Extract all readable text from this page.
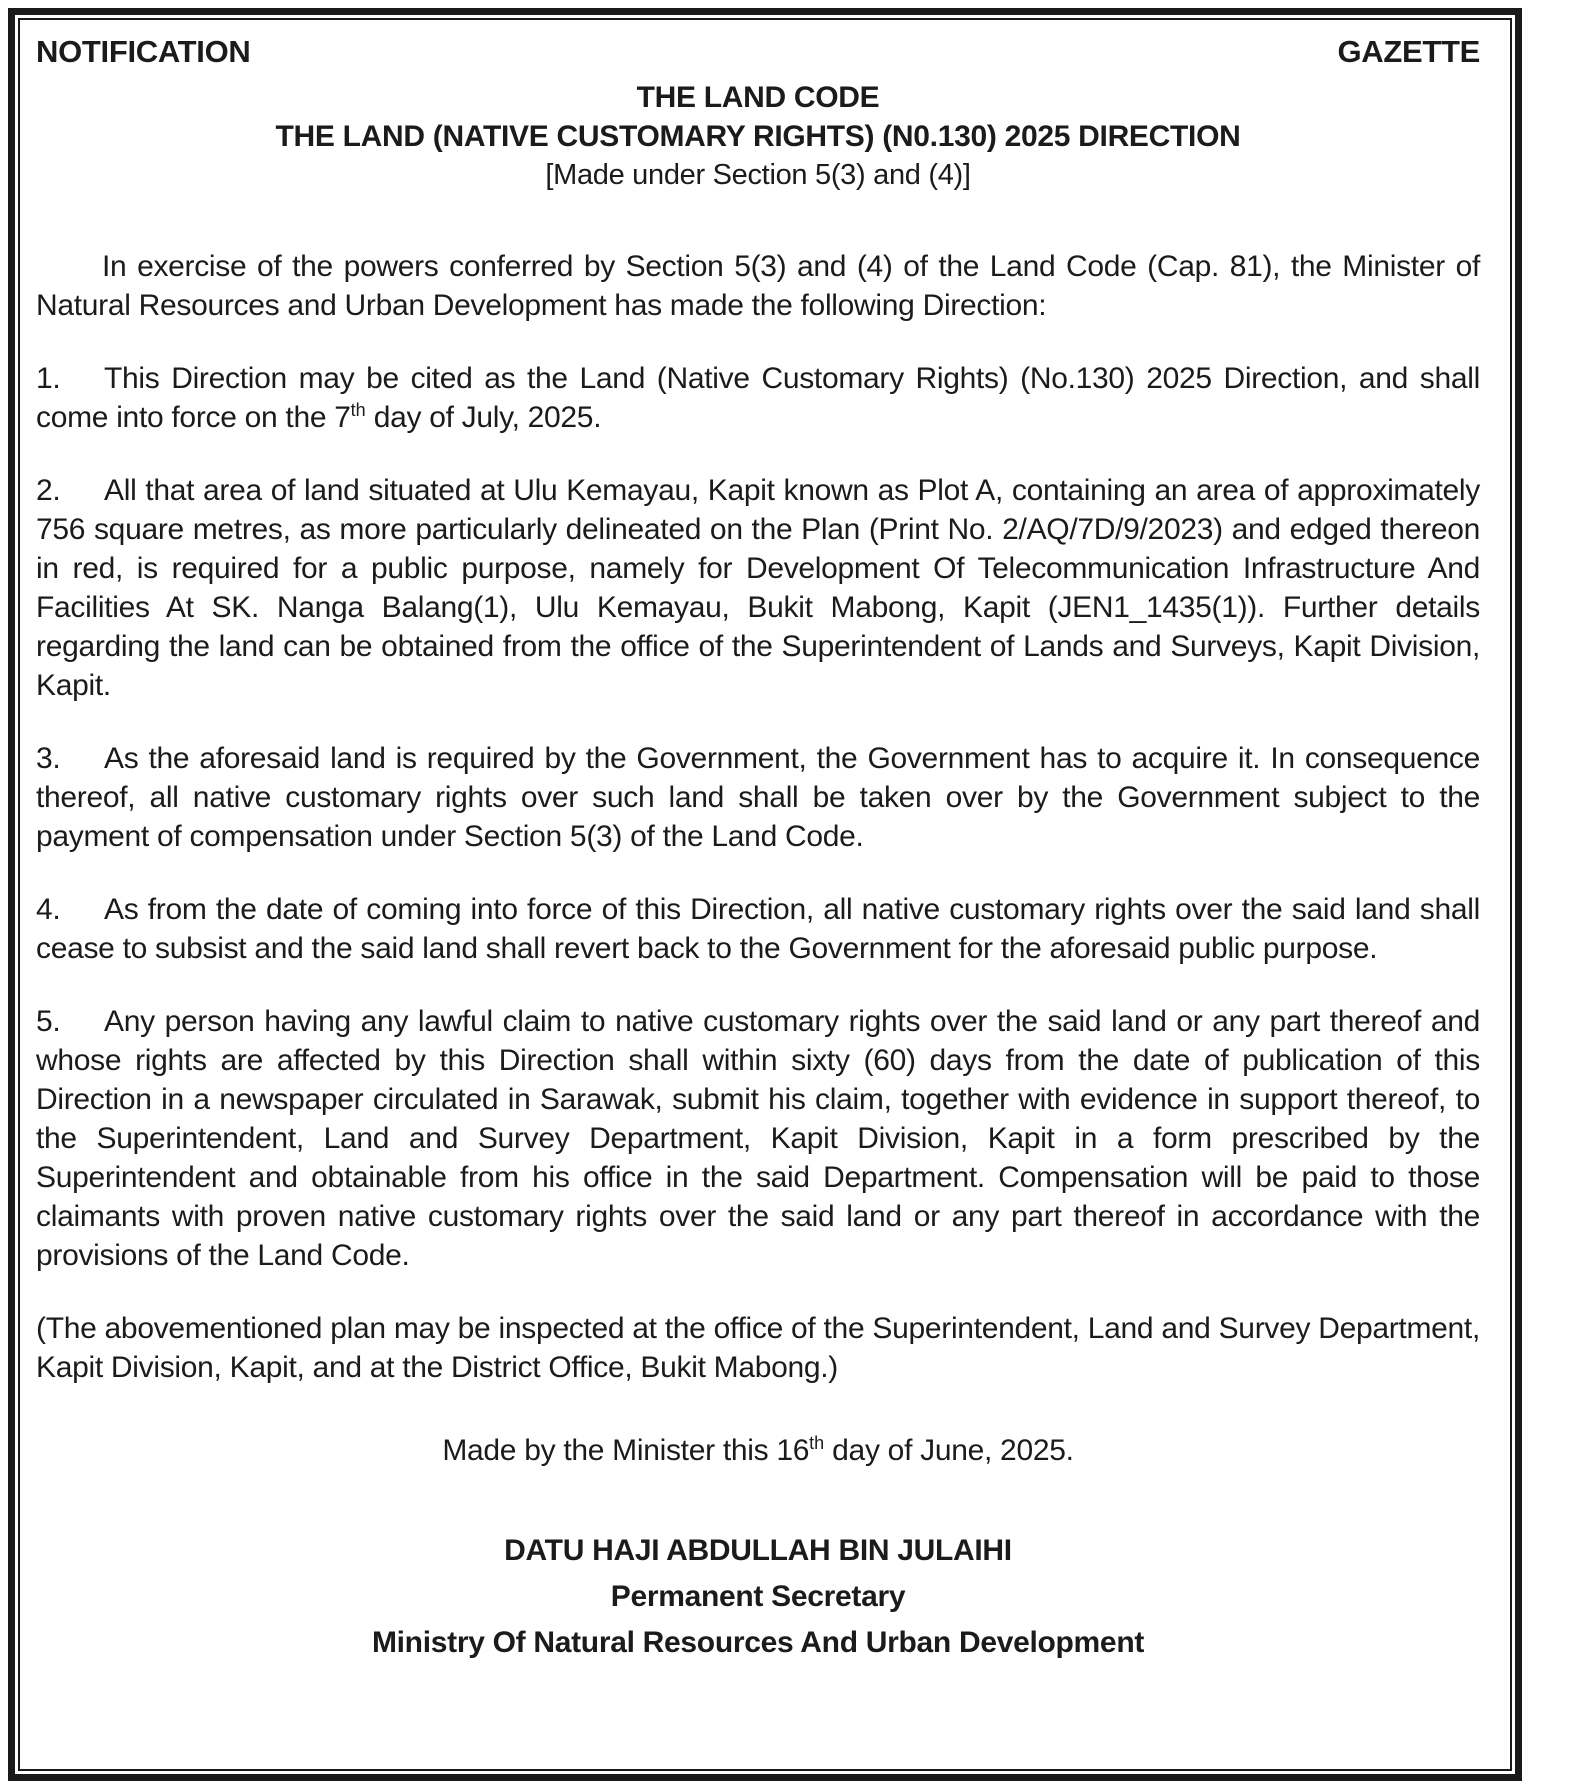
NOTIFICATION	GAZETTE
THE LAND CODE
THE LAND (NATIVE CUSTOMARY RIGHTS) (N0.130) 2025 DIRECTION
[Made under Section 5(3) and (4)]

In exercise of the powers conferred by Section 5(3) and (4) of the Land Code (Cap. 81), the Minister of Natural Resources and Urban Development has made the following Direction:

1. This Direction may be cited as the Land (Native Customary Rights) (No.130) 2025 Direction, and shall come into force on the 7th day of July, 2025.

2. All that area of land situated at Ulu Kemayau, Kapit known as Plot A, containing an area of approximately 756 square metres, as more particularly delineated on the Plan (Print No. 2/AQ/7D/9/2023) and edged thereon in red, is required for a public purpose, namely for Development Of Telecommunication Infrastructure And Facilities At SK. Nanga Balang(1), Ulu Kemayau, Bukit Mabong, Kapit (JEN1_1435(1)). Further details regarding the land can be obtained from the office of the Superintendent of Lands and Surveys, Kapit Division, Kapit.

3. As the aforesaid land is required by the Government, the Government has to acquire it. In consequence thereof, all native customary rights over such land shall be taken over by the Government subject to the payment of compensation under Section 5(3) of the Land Code.

4. As from the date of coming into force of this Direction, all native customary rights over the said land shall cease to subsist and the said land shall revert back to the Government for the aforesaid public purpose.

5. Any person having any lawful claim to native customary rights over the said land or any part thereof and whose rights are affected by this Direction shall within sixty (60) days from the date of publication of this Direction in a newspaper circulated in Sarawak, submit his claim, together with evidence in support thereof, to the Superintendent, Land and Survey Department, Kapit Division, Kapit in a form prescribed by the Superintendent and obtainable from his office in the said Department. Compensation will be paid to those claimants with proven native customary rights over the said land or any part thereof in accordance with the provisions of the Land Code.

(The abovementioned plan may be inspected at the office of the Superintendent, Land and Survey Department, Kapit Division, Kapit, and at the District Office, Bukit Mabong.)

Made by the Minister this 16th day of June, 2025.

DATU HAJI ABDULLAH BIN JULAIHI
Permanent Secretary
Ministry Of Natural Resources And Urban Development
